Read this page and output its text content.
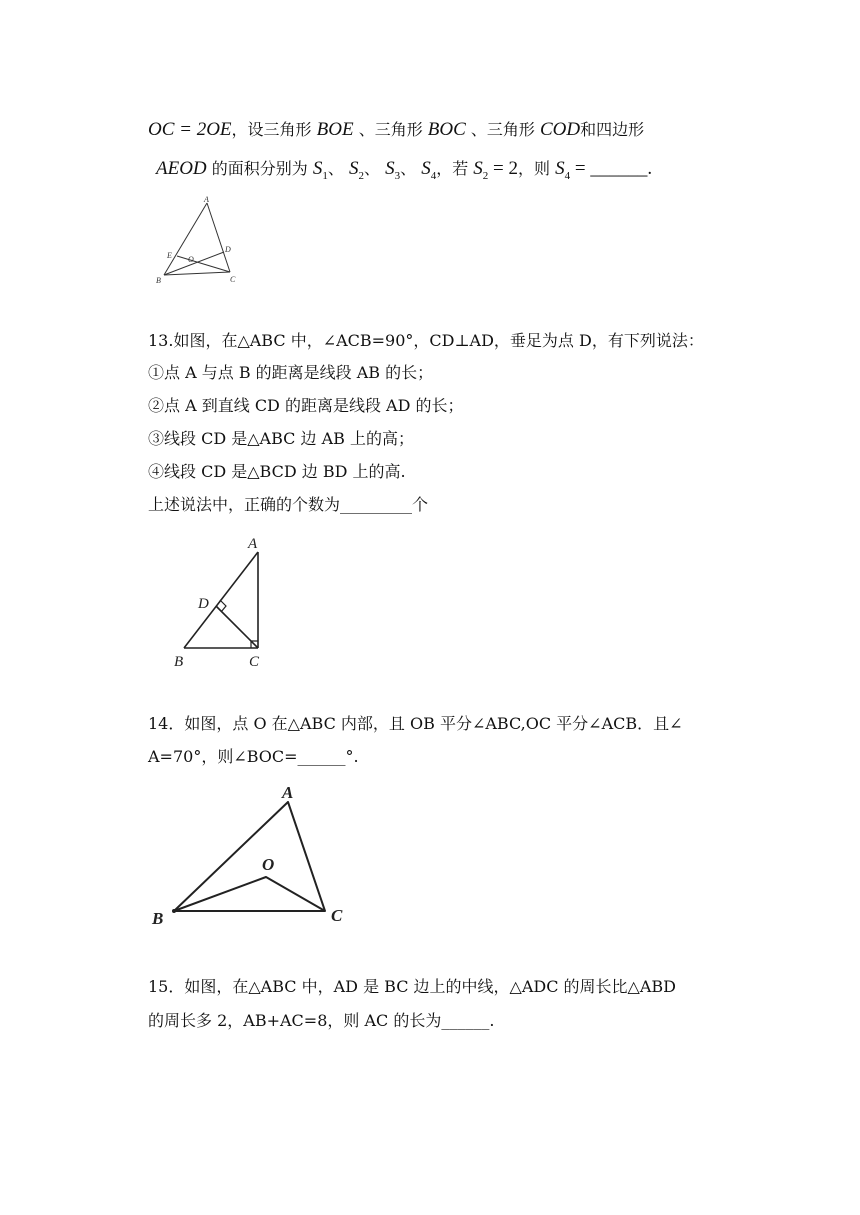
OC = 2OE，设三角形 BOE 、三角形 BOC 、三角形 COD和四边形
AEOD 的面积分别为 $S_1$、 $S_2$、 $S_3$、 $S_4$，若 $S_2 = 2$，则 $S_4$ = ______.
A
B	C
D
E O
13.如图，在△ABC 中，∠ACB=90°，CD⊥AD，垂足为点 D，有下列说法：
①点 A 与点 B 的距离是线段 AB 的长；
②点 A 到直线 CD 的距离是线段 AD 的长；
③线段 CD 是△ABC 边 AB 上的高；
④线段 CD 是△BCD 边 BD 上的高.
上述说法中，正确的个数为_________个
A
B	C
D
14．如图，点 O 在△ABC 内部，且 OB 平分∠ABC,OC 平分∠ACB．且∠
A=70°，则∠BOC=______°.
A
B	C
O
15．如图，在△ABC 中，AD 是 BC 边上的中线，△ADC 的周长比△ABD
的周长多 2，AB+AC=8，则 AC 的长为______.
